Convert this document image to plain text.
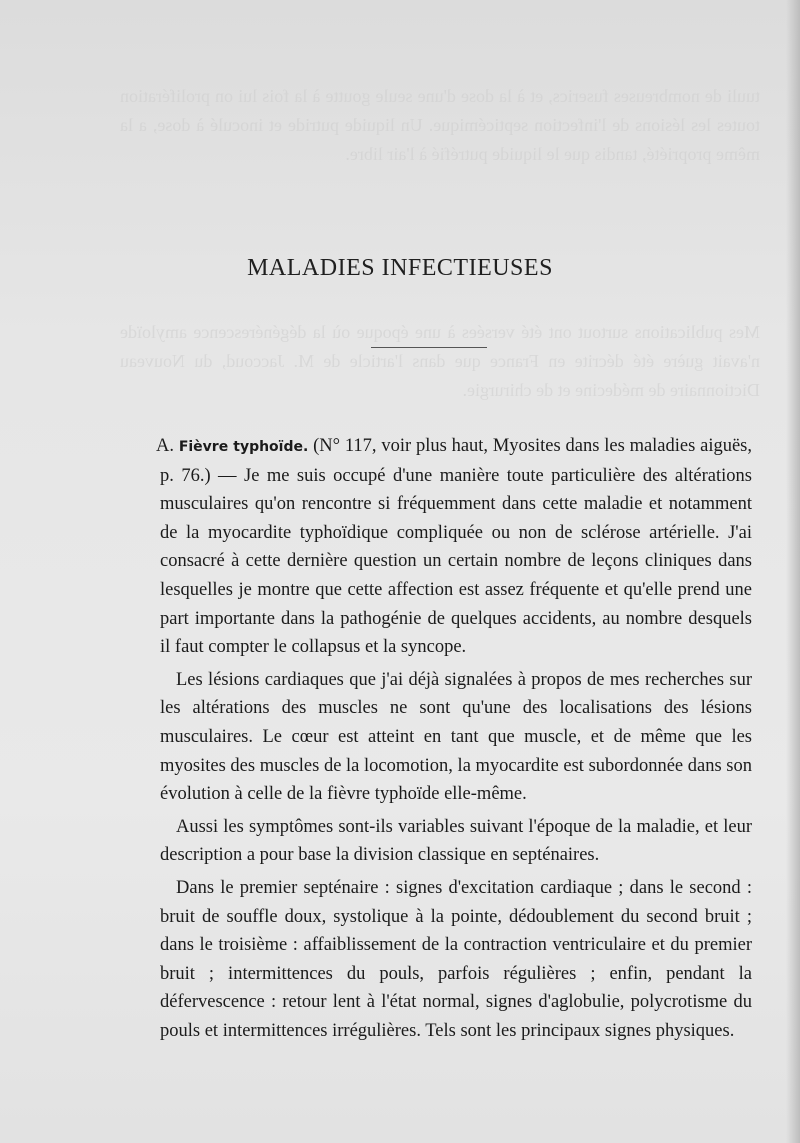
tuuli de nombreuses fuserics, et à la dose d'une seule goutte à la fois lui on prolifération toutes les lésions de l'infection septicémique. Un liquide putride et inoculé à dose, a la même propriété, tandis que le liquide putréfié à l'air libre.
Mes publications surtout ont été versées à une époque où la dégénérescence amyloïde n'avait guère été décrite en France que dans l'article de M. Jaccoud, du Nouveau Dictionnaire de médecine et de chirurgie.
MALADIES INFECTIEUSES

A. Fièvre typhoïde. (N° 117, voir plus haut, Myosites dans les maladies aiguës, p. 76.) — Je me suis occupé d'une manière toute particulière des altérations musculaires qu'on rencontre si fréquemment dans cette maladie et notamment de la myocardite typhoïdique compliquée ou non de sclérose artérielle. J'ai consacré à cette dernière question un certain nombre de leçons cliniques dans lesquelles je montre que cette affection est assez fréquente et qu'elle prend une part importante dans la pathogénie de quelques accidents, au nombre desquels il faut compter le collapsus et la syncope.

Les lésions cardiaques que j'ai déjà signalées à propos de mes recherches sur les altérations des muscles ne sont qu'une des localisations des lésions musculaires. Le cœur est atteint en tant que muscle, et de même que les myosites des muscles de la locomotion, la myocardite est subordonnée dans son évolution à celle de la fièvre typhoïde elle-même.

Aussi les symptômes sont-ils variables suivant l'époque de la maladie, et leur description a pour base la division classique en septénaires.

Dans le premier septénaire : signes d'excitation cardiaque ; dans le second : bruit de souffle doux, systolique à la pointe, dédoublement du second bruit ; dans le troisième : affaiblissement de la contraction ventriculaire et du premier bruit ; intermittences du pouls, parfois régulières ; enfin, pendant la défervescence : retour lent à l'état normal, signes d'aglobulie, polycrotisme du pouls et intermittences irrégulières. Tels sont les principaux signes physiques.
